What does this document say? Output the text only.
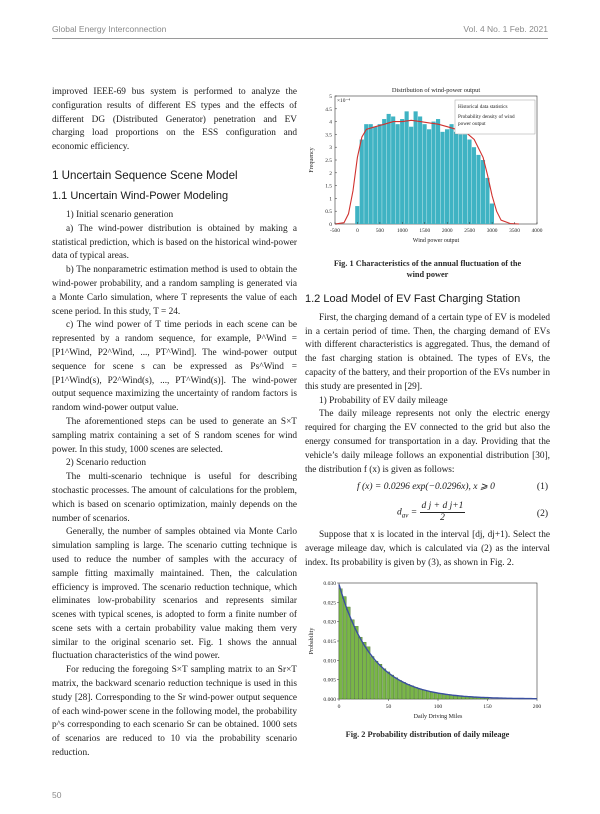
Global Energy Interconnection	Vol. 4 No. 1 Feb. 2021

improved IEEE-69 bus system is performed to analyze the configuration results of different ES types and the effects of different DG (Distributed Generator) penetration and EV charging load proportions on the ESS configuration and economic efficiency.

1 Uncertain Sequence Scene Model
1.1 Uncertain Wind-Power Modeling

1) Initial scenario generation

a) The wind-power distribution is obtained by making a statistical prediction, which is based on the historical wind-power data of typical areas.

b) The nonparametric estimation method is used to obtain the wind-power probability, and a random sampling is generated via a Monte Carlo simulation, where T represents the value of each scene period. In this study, T = 24.

c) The wind power of T time periods in each scene can be represented by a random sequence, for example, P^Wind = [P1^Wind, P2^Wind, ..., PT^Wind]. The wind-power output sequence for scene s can be expressed as Ps^Wind = [P1^Wind(s), P2^Wind(s), ..., PT^Wind(s)]. The wind-power output sequence maximizing the uncertainty of random factors is random wind-power output value.

The aforementioned steps can be used to generate an S×T sampling matrix containing a set of S random scenes for wind power. In this study, 1000 scenes are selected.

2) Scenario reduction

The multi-scenario technique is useful for describing stochastic processes. The amount of calculations for the problem, which is based on scenario optimization, mainly depends on the number of scenarios.

Generally, the number of samples obtained via Monte Carlo simulation sampling is large. The scenario cutting technique is used to reduce the number of samples with the accuracy of sample fitting maximally maintained. Then, the calculation efficiency is improved. The scenario reduction technique, which eliminates low-probability scenarios and represents similar scenes with typical scenes, is adopted to form a finite number of scene sets with a certain probability value making them very similar to the original scenario set. Fig. 1 shows the annual fluctuation characteristics of the wind power.

For reducing the foregoing S×T sampling matrix to an Sr×T matrix, the backward scenario reduction technique is used in this study [28]. Corresponding to the Sr wind-power output sequence of each wind-power scene in the following model, the probability p^s corresponding to each scenario Sr can be obtained. 1000 sets of scenarios are reduced to 10 via the probability scenario reduction.

Distribution of wind-power output
×10⁻⁴
-500	0	500 1000 1500 2000 2500 3000 3500 4000
0
0.5
1
1.5
2
2.5
3
3.5
4
4.5
5
Wind power output
Frequency
Historical data statistics
Probability density of wind
power output
Fig. 1 Characteristics of the annual fluctuation of the
wind power
1.2 Load Model of EV Fast Charging Station

First, the charging demand of a certain type of EV is modeled in a certain period of time. Then, the charging demand of EVs with different characteristics is aggregated. Thus, the demand of the fast charging station is obtained. The types of EVs, the capacity of the battery, and their proportion of the EVs number in this study are presented in [29].

1) Probability of EV daily mileage

The daily mileage represents not only the electric energy required for charging the EV connected to the grid but also the energy consumed for transportation in a day. Providing that the vehicle’s daily mileage follows an exponential distribution [30], the distribution f (x) is given as follows:

f (x) = 0.0296 exp(−0.0296x), x ⩾ 0	(1)
$d_{av} = \frac{\text{d j + d j+1}}{2}$	(2)

Suppose that x is located in the interval [dj, dj+1). Select the average mileage dav, which is calculated via (2) as the interval index. Its probability is given by (3), as shown in Fig. 2.

0	50	100	150	200
0.000
0.005
0.010
0.015
0.020
0.025
0.030
Daily Driving Miles
Probability
Fig. 2 Probability distribution of daily mileage
50
